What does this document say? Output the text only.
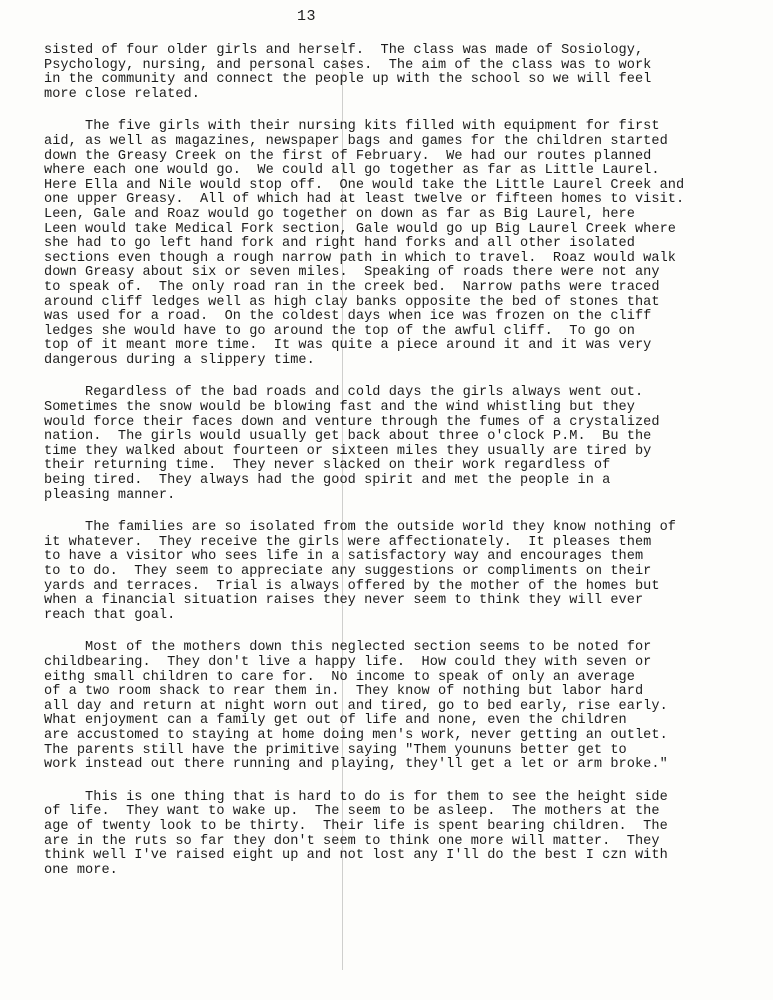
13
sisted of four older girls and herself.  The class was made of Sosiology,
Psychology, nursing, and personal cases.  The aim of the class was to work
in the community and connect the people up with the school so we will feel
more close related.
The five girls with their nursing kits filled with equipment for first
aid, as well as magazines, newspaper bags and games for the children started
down the Greasy Creek on the first of February.  We had our routes planned
where each one would go.  We could all go together as far as Little Laurel.
Here Ella and Nile would stop off.  One would take the Little Laurel Creek and
one upper Greasy.  All of which had at least twelve or fifteen homes to visit.
Leen, Gale and Roaz would go together on down as far as Big Laurel, here
Leen would take Medical Fork section, Gale would go up Big Laurel Creek where
she had to go left hand fork and right hand forks and all other isolated
sections even though a rough narrow path in which to travel.  Roaz would walk
down Greasy about six or seven miles.  Speaking of roads there were not any
to speak of.  The only road ran in the creek bed.  Narrow paths were traced
around cliff ledges well as high clay banks opposite the bed of stones that
was used for a road.  On the coldest days when ice was frozen on the cliff
ledges she would have to go around the top of the awful cliff.  To go on
top of it meant more time.  It was quite a piece around it and it was very
dangerous during a slippery time.
Regardless of the bad roads and cold days the girls always went out.
Sometimes the snow would be blowing fast and the wind whistling but they
would force their faces down and venture through the fumes of a crystalized
nation.  The girls would usually get back about three o'clock P.M.  Bu the
time they walked about fourteen or sixteen miles they usually are tired by
their returning time.  They never slacked on their work regardless of
being tired.  They always had the good spirit and met the people in a
pleasing manner.
The families are so isolated from the outside world they know nothing of
it whatever.  They receive the girls were affectionately.  It pleases them
to have a visitor who sees life in a satisfactory way and encourages them
to to do.  They seem to appreciate any suggestions or compliments on their
yards and terraces.  Trial is always offered by the mother of the homes but
when a financial situation raises they never seem to think they will ever
reach that goal.
Most of the mothers down this neglected section seems to be noted for
childbearing.  They don't live a happy life.  How could they with seven or
eithg small children to care for.  No income to speak of only an average
of a two room shack to rear them in.  They know of nothing but labor hard
all day and return at night worn out and tired, go to bed early, rise early.
What enjoyment can a family get out of life and none, even the children
are accustomed to staying at home doing men's work, never getting an outlet.
The parents still have the primitive saying "Them younuns better get to
work instead out there running and playing, they'll get a let or arm broke."
This is one thing that is hard to do is for them to see the height side
of life.  They want to wake up.  The seem to be asleep.  The mothers at the
age of twenty look to be thirty.  Their life is spent bearing children.  The
are in the ruts so far they don't seem to think one more will matter.  They
think well I've raised eight up and not lost any I'll do the best I czn with
one more.
